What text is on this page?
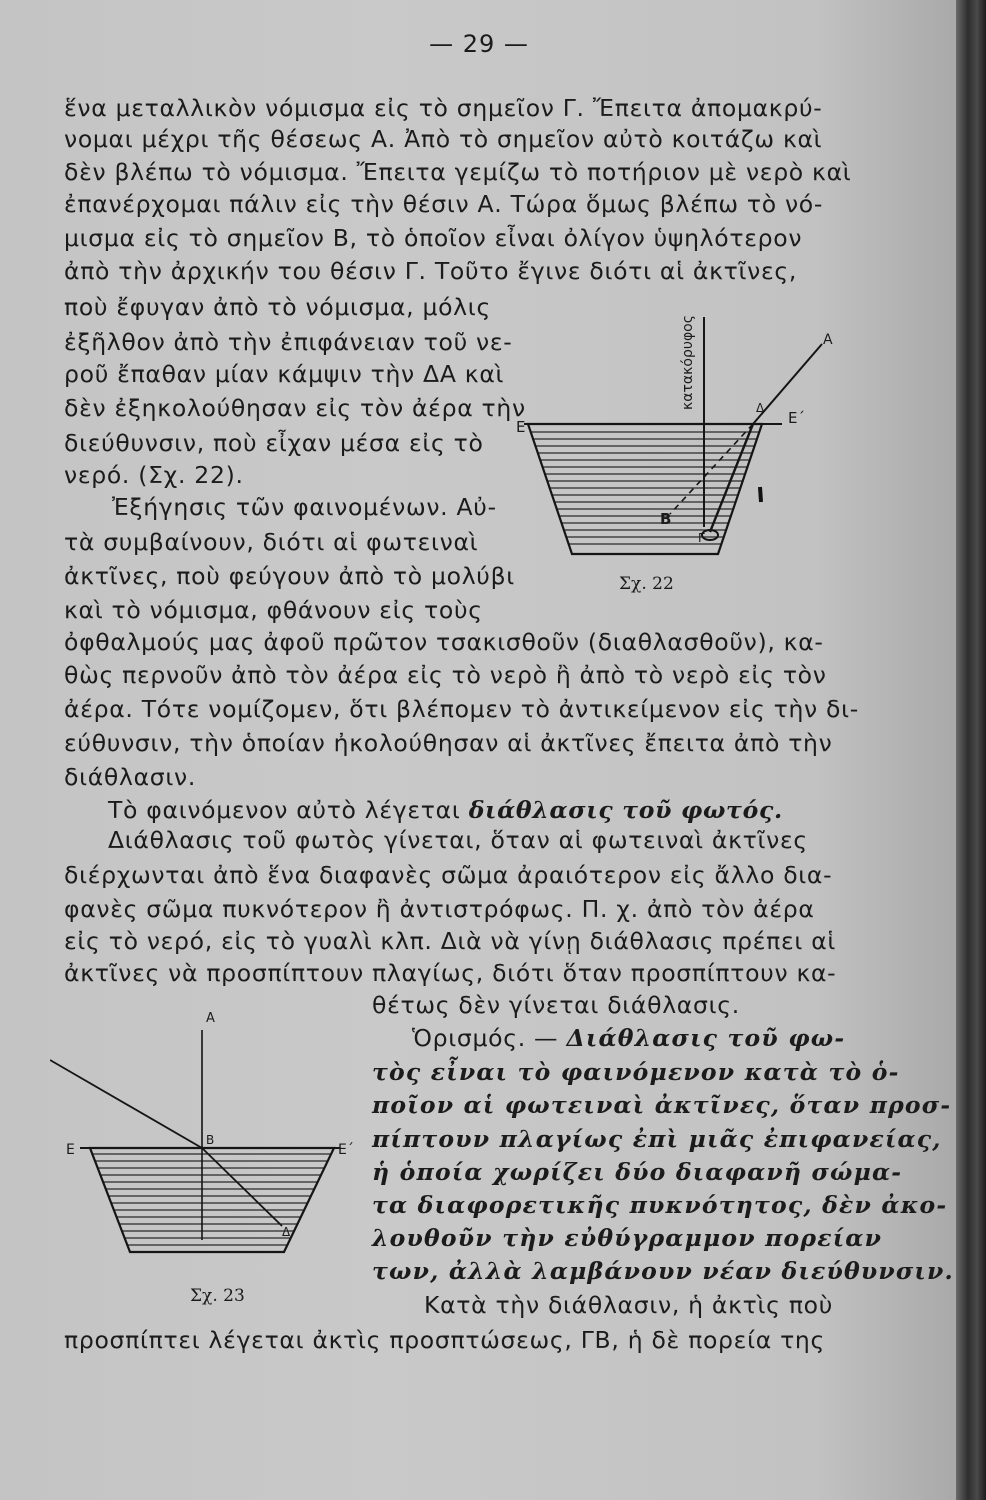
— 29 —
ἕνα μεταλλικὸν νόμισμα εἰς τὸ σημεῖον Γ. Ἔπειτα ἀπομακρύ-
νομαι μέχρι τῆς θέσεως Α. Ἀπὸ τὸ σημεῖον αὐτὸ κοιτάζω καὶ
δὲν βλέπω τὸ νόμισμα. Ἔπειτα γεμίζω τὸ ποτήριον μὲ νερὸ καὶ
ἐπανέρχομαι πάλιν εἰς τὴν θέσιν Α. Τώρα ὅμως βλέπω τὸ νό-
μισμα εἰς τὸ σημεῖον Β, τὸ ὁποῖον εἶναι ὀλίγον ὑψηλότερον
ἀπὸ τὴν ἀρχικήν του θέσιν Γ. Τοῦτο ἔγινε διότι αἱ ἀκτῖνες,
ποὺ ἔφυγαν ἀπὸ τὸ νόμισμα, μόλις
ἐξῆλθον ἀπὸ τὴν ἐπιφάνειαν τοῦ νε-
ροῦ ἔπαθαν μίαν κάμψιν τὴν ΔΑ καὶ
δὲν ἐξηκολούθησαν εἰς τὸν ἀέρα τὴν
διεύθυνσιν, ποὺ εἶχαν μέσα εἰς τὸ
νερό. (Σχ. 22).
Ἐξήγησις τῶν φαινομένων. Αὐ-
τὰ συμβαίνουν, διότι αἱ φωτειναὶ
ἀκτῖνες, ποὺ φεύγουν ἀπὸ τὸ μολύβι
καὶ τὸ νόμισμα, φθάνουν εἰς τοὺς
ὀφθαλμούς μας ἀφοῦ πρῶτον τσακισθοῦν (διαθλασθοῦν), κα-
θὼς περνοῦν ἀπὸ τὸν ἀέρα εἰς τὸ νερὸ ἢ ἀπὸ τὸ νερὸ εἰς τὸν
ἀέρα. Τότε νομίζομεν, ὅτι βλέπομεν τὸ ἀντικείμενον εἰς τὴν δι-
εύθυνσιν, τὴν ὁποίαν ἠκολούθησαν αἱ ἀκτῖνες ἔπειτα ἀπὸ τὴν
διάθλασιν.
Τὸ φαινόμενον αὐτὸ λέγεται διάθλασις τοῦ φωτός.
Διάθλασις τοῦ φωτὸς γίνεται, ὅταν αἱ φωτειναὶ ἀκτῖνες
διέρχωνται ἀπὸ ἕνα διαφανὲς σῶμα ἀραιότερον εἰς ἄλλο δια-
φανὲς σῶμα πυκνότερον ἢ ἀντιστρόφως. Π. χ. ἀπὸ τὸν ἀέρα
εἰς τὸ νερό, εἰς τὸ γυαλὶ κλπ. Διὰ νὰ γίνῃ διάθλασις πρέπει αἱ
ἀκτῖνες νὰ προσπίπτουν πλαγίως, διότι ὅταν προσπίπτουν κα-
θέτως δὲν γίνεται διάθλασις.
Ὁρισμός. — Διάθλασις τοῦ φω-
τὸς εἶναι τὸ φαινόμενον κατὰ τὸ ὁ-
ποῖον αἱ φωτειναὶ ἀκτῖνες, ὅταν προσ-
πίπτουν πλαγίως ἐπὶ μιᾶς ἐπιφανείας,
ἡ ὁποία χωρίζει δύο διαφανῆ σώμα-
τα διαφορετικῆς πυκνότητος, δὲν ἀκο-
λουθοῦν τὴν εὐθύγραμμον πορείαν
των, ἀλλὰ λαμβάνουν νέαν διεύθυνσιν.
Κατὰ τὴν διάθλασιν, ἡ ἀκτὶς ποὺ
προσπίπτει λέγεται ἀκτὶς προσπτώσεως, ΓΒ, ἡ δὲ πορεία της
κατακόρυφος	Α
Ε	Ε΄
Δ
Β
Γ
Σχ. 22
Α
Ε	Ε΄
Β
Δ
Σχ. 23
